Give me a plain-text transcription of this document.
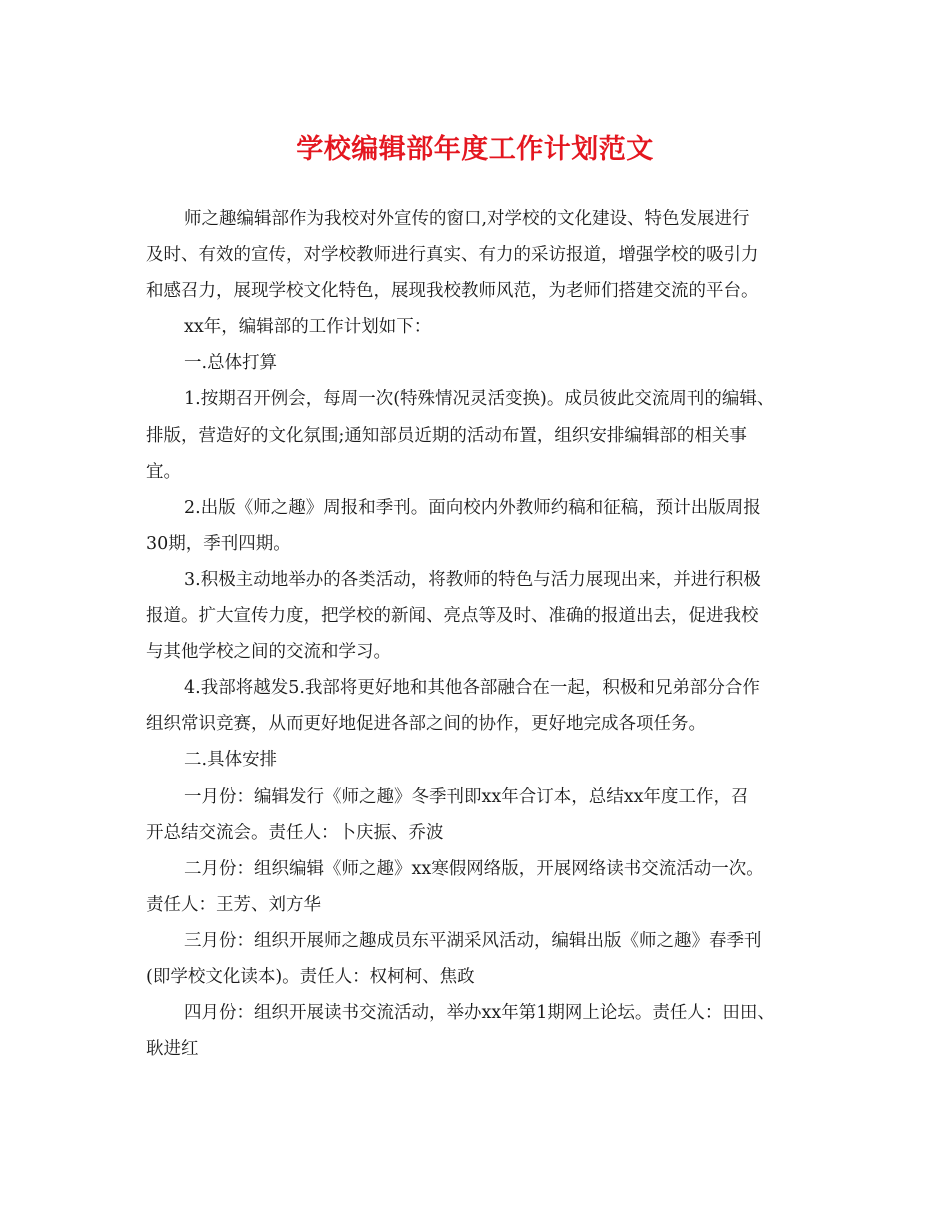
学校编辑部年度工作计划范文
师之趣编辑部作为我校对外宣传的窗口,对学校的文化建设、特色发展进行
及时、有效的宣传，对学校教师进行真实、有力的采访报道，增强学校的吸引力
和感召力，展现学校文化特色，展现我校教师风范，为老师们搭建交流的平台。
xx年，编辑部的工作计划如下：
一.总体打算
1.按期召开例会，每周一次(特殊情况灵活变换)。成员彼此交流周刊的编辑、
排版，营造好的文化氛围;通知部员近期的活动布置，组织安排编辑部的相关事
宜。
2.出版《师之趣》周报和季刊。面向校内外教师约稿和征稿，预计出版周报
30期，季刊四期。
3.积极主动地举办的各类活动，将教师的特色与活力展现出来，并进行积极
报道。扩大宣传力度，把学校的新闻、亮点等及时、准确的报道出去，促进我校
与其他学校之间的交流和学习。
4.我部将越发5.我部将更好地和其他各部融合在一起，积极和兄弟部分合作
组织常识竞赛，从而更好地促进各部之间的协作，更好地完成各项任务。
二.具体安排
一月份：编辑发行《师之趣》冬季刊即xx年合订本，总结xx年度工作，召
开总结交流会。责任人：卜庆振、乔波
二月份：组织编辑《师之趣》xx寒假网络版，开展网络读书交流活动一次。
责任人：王芳、刘方华
三月份：组织开展师之趣成员东平湖采风活动，编辑出版《师之趣》春季刊
(即学校文化读本)。责任人：权柯柯、焦政
四月份：组织开展读书交流活动，举办xx年第1期网上论坛。责任人：田田、
耿进红
